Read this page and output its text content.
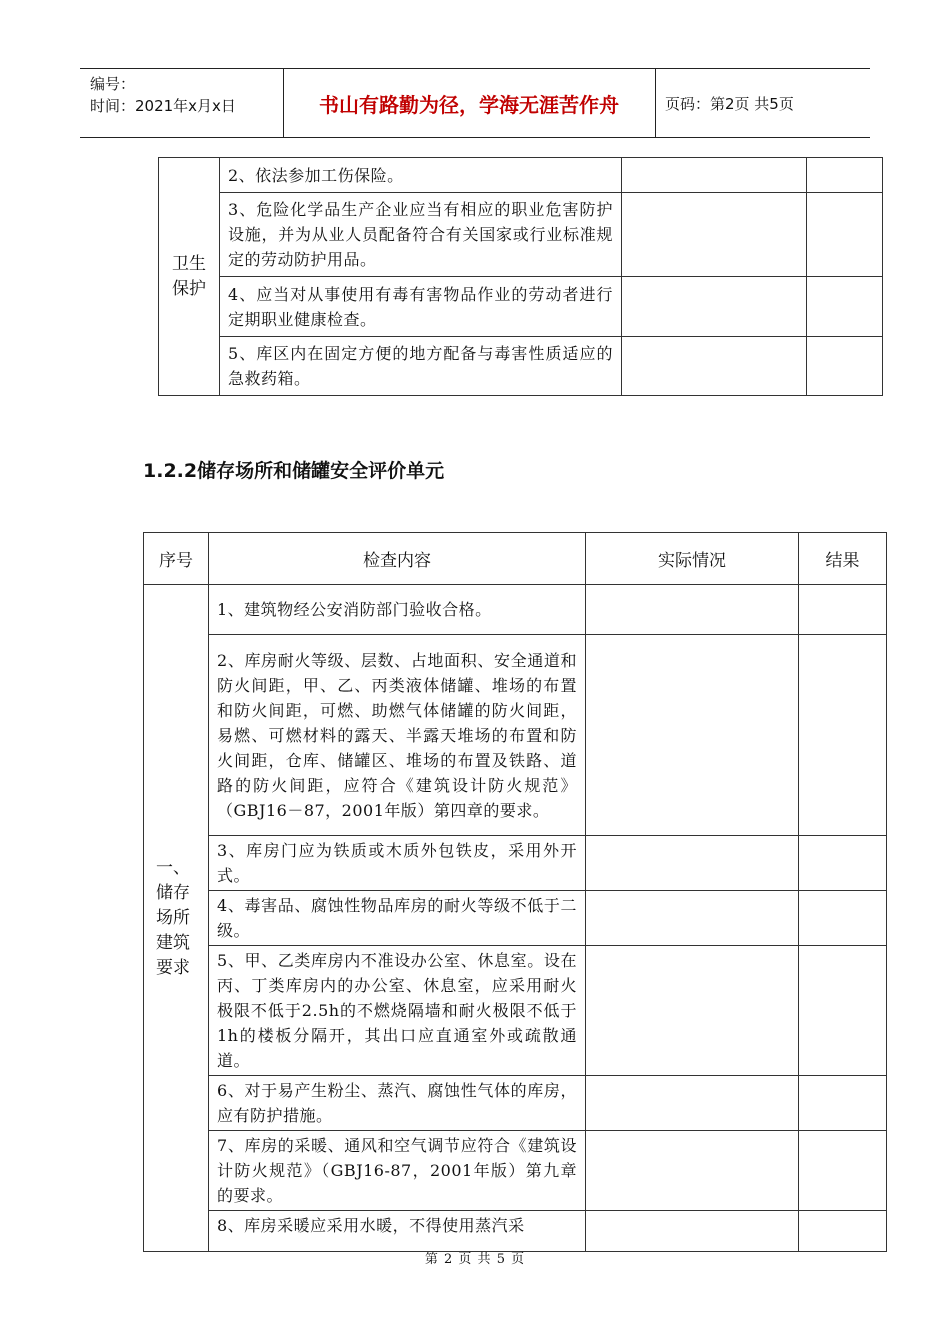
编号：
时间：2021年x月x日	书山有路勤为径，学海无涯苦作舟	页码：第2页 共5页
卫生保护	2、依法参加工伤保险。		

	3、危险化学品生产企业应当有相应的职业危害防护设施，并为从业人员配备符合有关国家或行业标准规定的劳动防护用品。		

	4、应当对从事使用有毒有害物品作业的劳动者进行定期职业健康检查。		

	5、库区内在固定方便的地方配备与毒害性质适应的急救药箱。		

1.2.2储存场所和储罐安全评价单元
序号	检查内容	实际情况	结果

一、储存场所建筑要求	1、建筑物经公安消防部门验收合格。		

	2、库房耐火等级、层数、占地面积、安全通道和防火间距，甲、乙、丙类液体储罐、堆场的布置和防火间距，可燃、助燃气体储罐的防火间距，易燃、可燃材料的露天、半露天堆场的布置和防火间距，仓库、储罐区、堆场的布置及铁路、道路的防火间距，应符合《建筑设计防火规范》（GBJ16－87，2001年版）第四章的要求。		

	3、库房门应为铁质或木质外包铁皮，采用外开式。		

	4、毒害品、腐蚀性物品库房的耐火等级不低于二级。		

	5、甲、乙类库房内不准设办公室、休息室。设在丙、丁类库房内的办公室、休息室，应采用耐火极限不低于2.5h的不燃烧隔墙和耐火极限不低于1h的楼板分隔开，其出口应直通室外或疏散通道。		

	6、对于易产生粉尘、蒸汽、腐蚀性气体的库房，应有防护措施。		

	7、库房的采暖、通风和空气调节应符合《建筑设计防火规范》（GBJ16-87，2001年版）第九章的要求。		

	8、库房采暖应采用水暖，不得使用蒸汽采		

第 2 页 共 5 页
